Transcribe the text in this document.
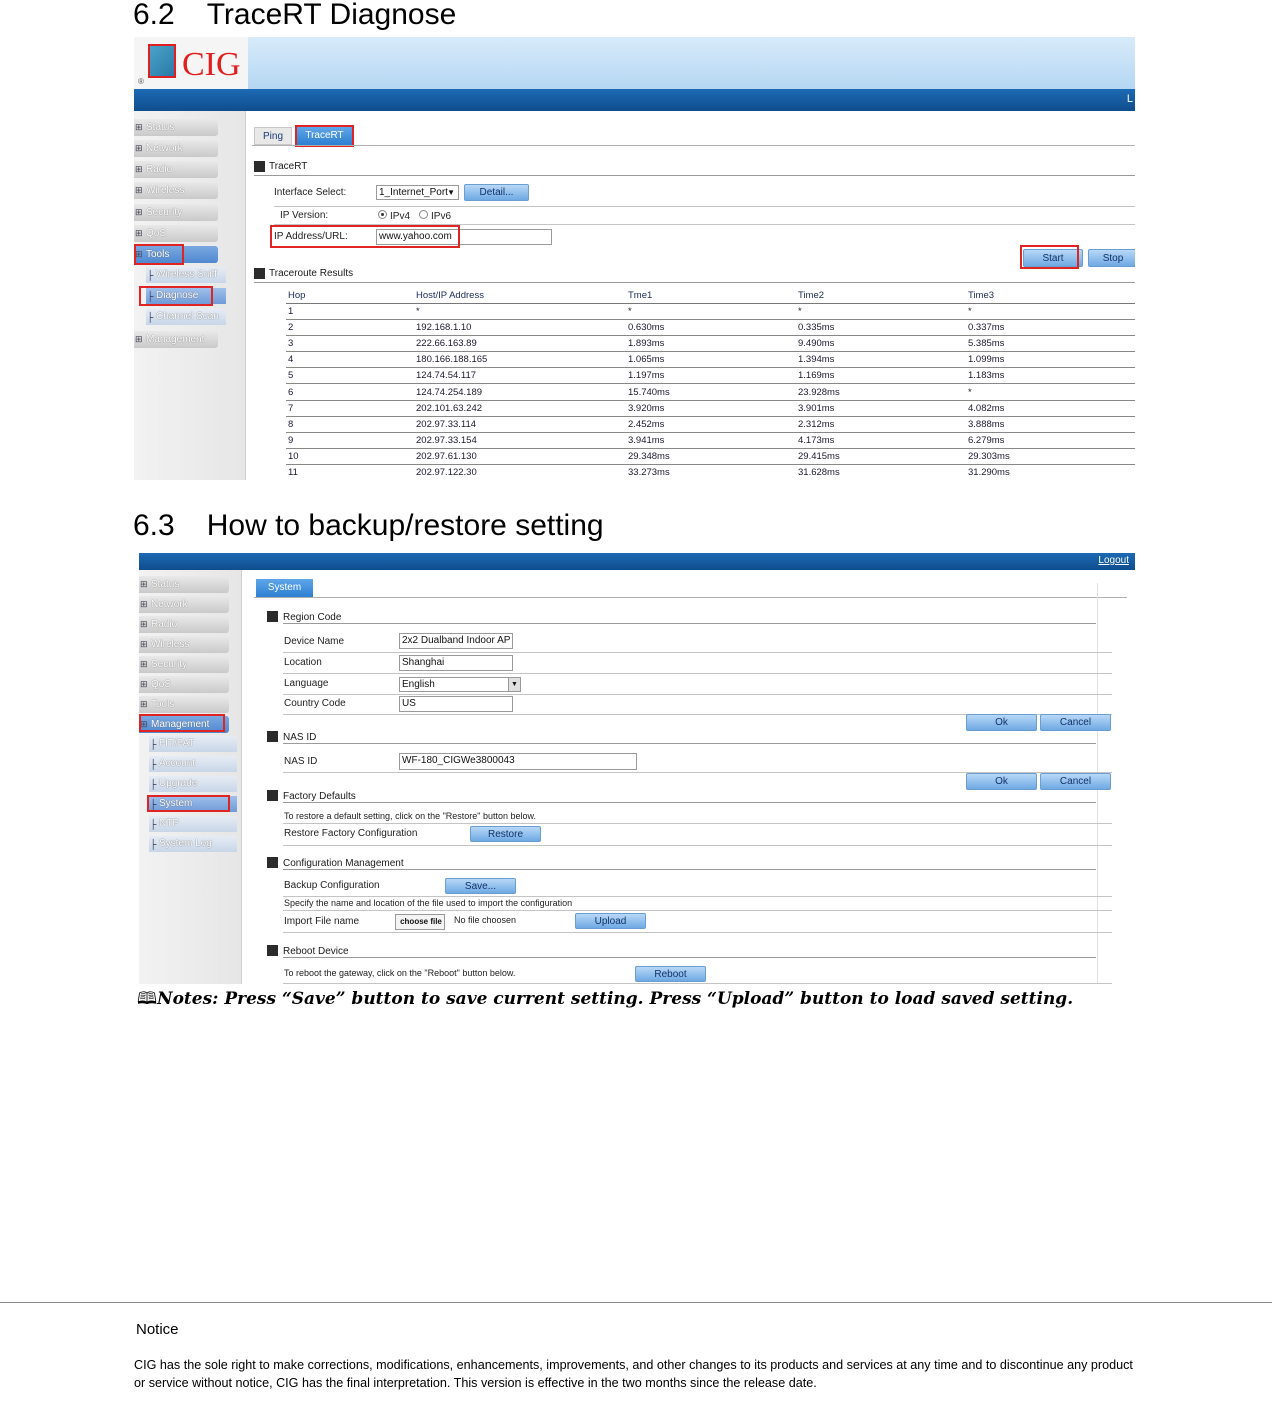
6.2 TraceRT Diagnose
CIG
®
L
⊞ Status
⊞ Network
⊞ Radio
⊞ Wireless
⊞ Security
⊞ QoS
⊞ Tools
├ Wireless Sniff
├ Diagnose
├ Channel Scan
⊞ Management
Ping	TraceRT
TraceRT
Interface Select:	1_Internet_Port ▼	Detail...
IP Version:	IPv4 IPv6
IP Address/URL:	www.yahoo.com
Start	Stop
Traceroute Results
Hop	Host/IP Address	Tme1	Time2	Time3
1	*	*	*	*
2	192.168.1.10	0.630ms	0.335ms	0.337ms
3	222.66.163.89	1.893ms	9.490ms	5.385ms
4	180.166.188.165	1.065ms	1.394ms	1.099ms
5	124.74.54.117	1.197ms	1.169ms	1.183ms
6	124.74.254.189	15.740ms	23.928ms	*
7	202.101.63.242	3.920ms	3.901ms	4.082ms
8	202.97.33.114	2.452ms	2.312ms	3.888ms
9	202.97.33.154	3.941ms	4.173ms	6.279ms
10	202.97.61.130	29.348ms	29.415ms	29.303ms
11	202.97.122.30	33.273ms	31.628ms	31.290ms
6.3 How to backup/restore setting
Logout
⊞ Status
⊞ Network
⊞ Radio
⊞ Wireless
⊞ Security
⊞ QoS
⊞ Tools
⊞ Management
├ FIT/FAT
├ Account
├ Upgrade
├ System
├ NTP
├ System Log
System
Region Code
Device Name	2x2 Dualband Indoor AP
Location	Shanghai
Language	English	▼
Country Code	US
Ok	Cancel
NAS ID
NAS ID	WF-180_CIGWe3800043
Ok	Cancel
Factory Defaults
To restore a default setting, click on the "Restore" button below.
Restore Factory Configuration	Restore
Configuration Management
Backup Configuration	Save...
Specify the name and location of the file used to import the configuration
Import File name	choose file	No file choosen	Upload
Reboot Device
To reboot the gateway, click on the "Reboot" button below.	Reboot
🕮Notes: Press “Save” button to save current setting. Press “Upload” button to load saved setting.
Notice
CIG has the sole right to make corrections, modifications, enhancements, improvements, and other changes to its products and services at any time and to discontinue any product or service without notice, CIG has the final interpretation. This version is effective in the two months since the release date.
